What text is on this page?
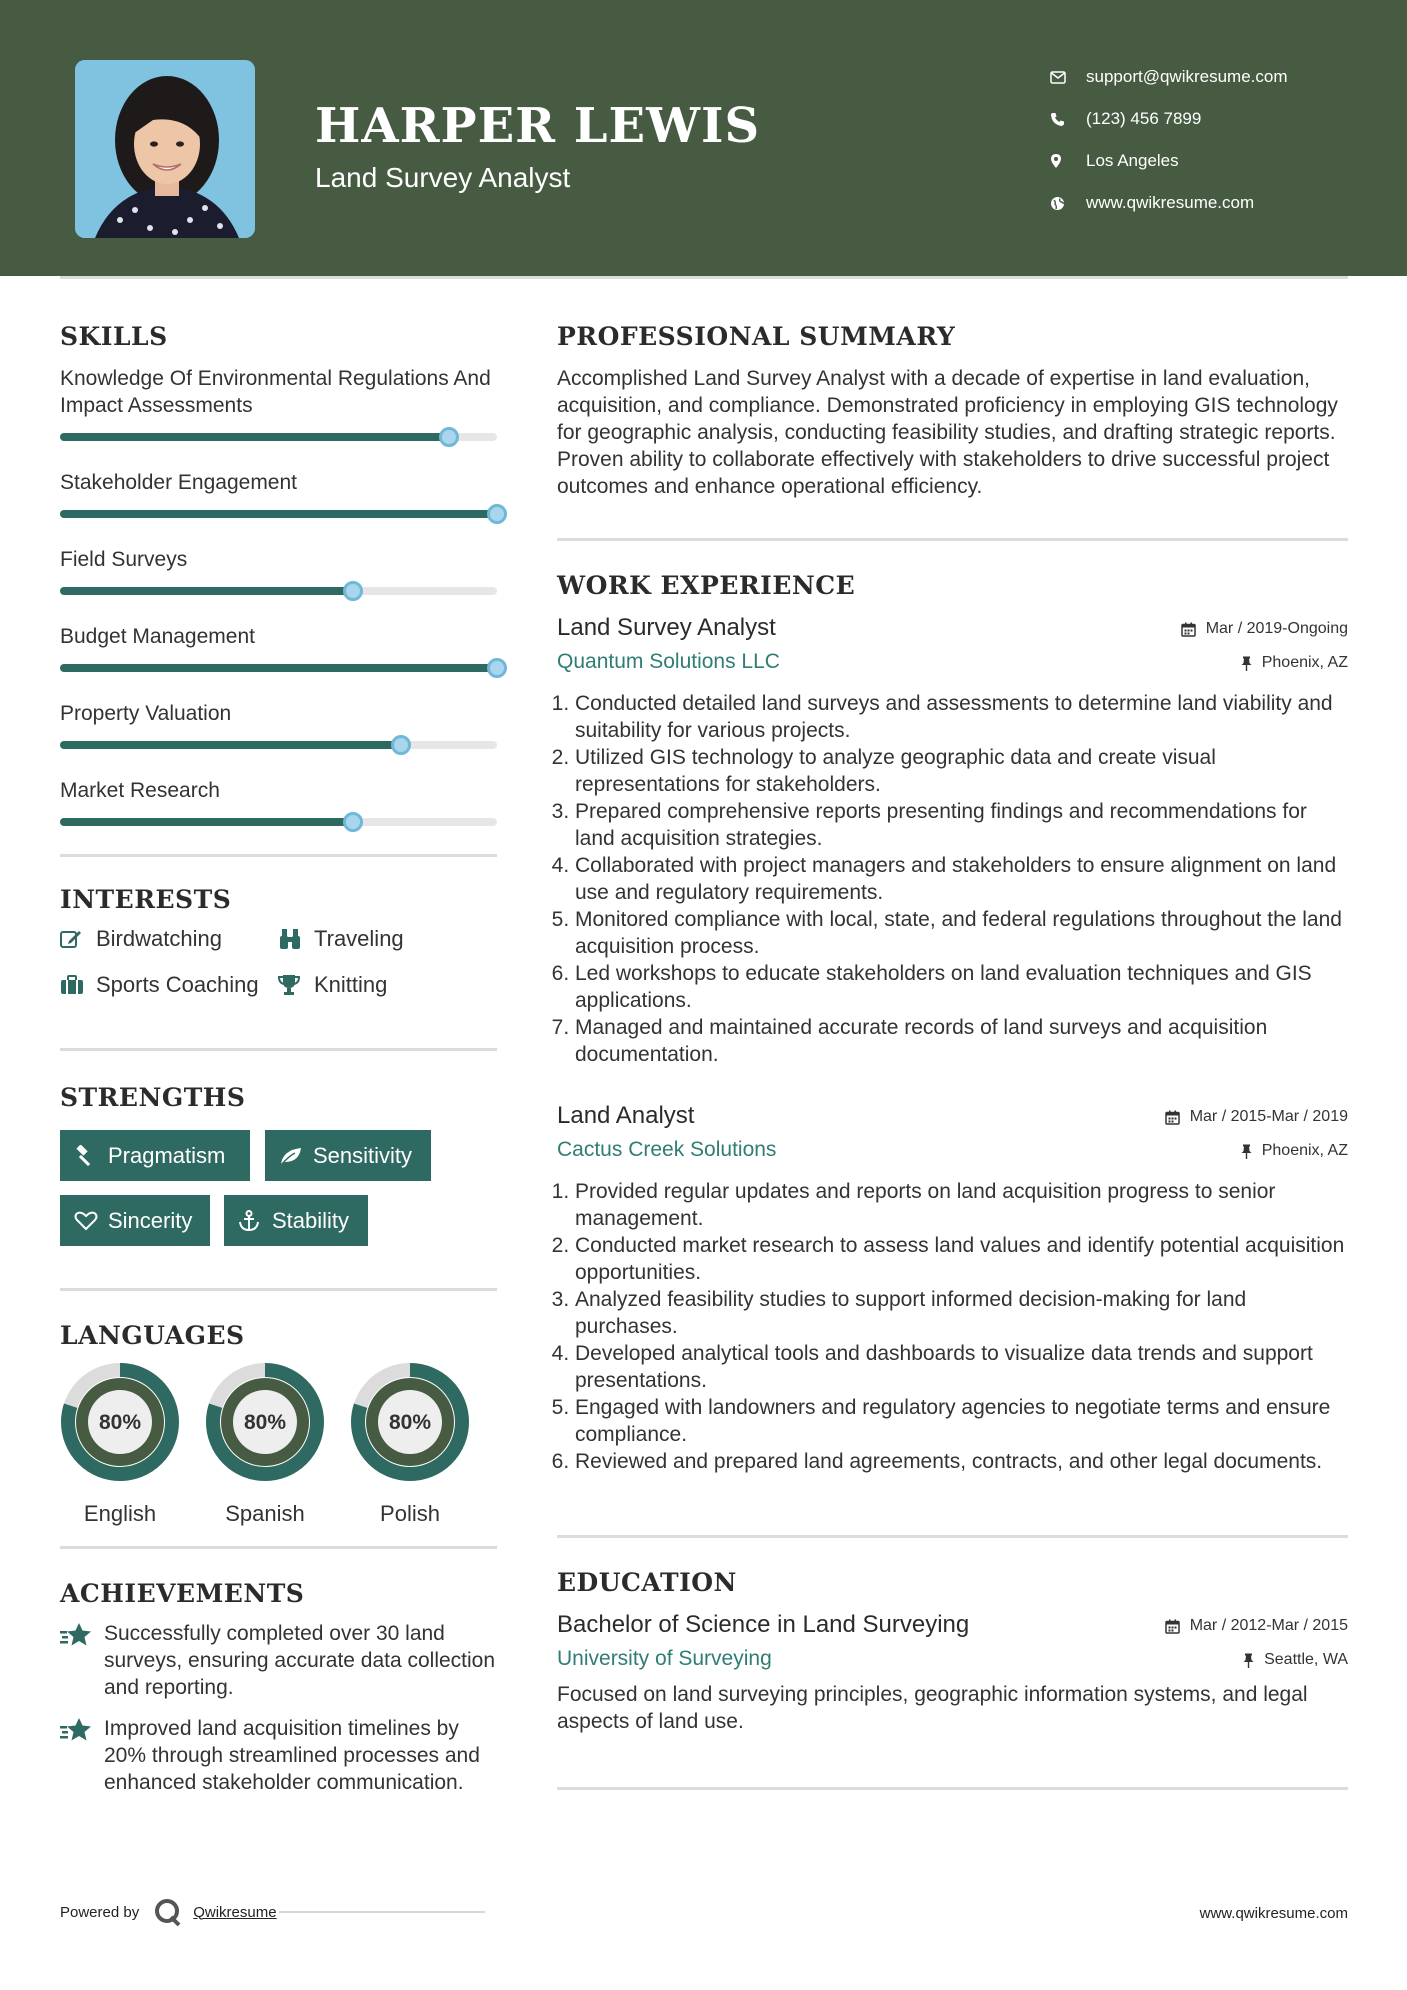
HARPER LEWIS
Land Survey Analyst
support@qwikresume.com
(123) 456 7899
Los Angeles
www.qwikresume.com
SKILLS
Knowledge Of Environmental Regulations And Impact Assessments
Stakeholder Engagement
Field Surveys
Budget Management
Property Valuation
Market Research
INTERESTS
Birdwatching	Traveling
Sports Coaching	Knitting
STRENGTHS
Pragmatism	Sensitivity
Sincerity	Stability
LANGUAGES
80%
English
80%
Spanish
80%
Polish
ACHIEVEMENTS
Successfully completed over 30 land surveys, ensuring accurate data collection and reporting.
Improved land acquisition timelines by 20% through streamlined processes and enhanced stakeholder communication.
PROFESSIONAL SUMMARY
Accomplished Land Survey Analyst with a decade of expertise in land evaluation, acquisition, and compliance. Demonstrated proficiency in employing GIS technology for geographic analysis, conducting feasibility studies, and drafting strategic reports. Proven ability to collaborate effectively with stakeholders to drive successful project outcomes and enhance operational efficiency.
WORK EXPERIENCE
Land Survey Analyst	Mar / 2019-Ongoing
Quantum Solutions LLC	Phoenix, AZ
1. Conducted detailed land surveys and assessments to determine land viability and suitability for various projects.
2. Utilized GIS technology to analyze geographic data and create visual representations for stakeholders.
3. Prepared comprehensive reports presenting findings and recommendations for land acquisition strategies.
4. Collaborated with project managers and stakeholders to ensure alignment on land use and regulatory requirements.
5. Monitored compliance with local, state, and federal regulations throughout the land acquisition process.
6. Led workshops to educate stakeholders on land evaluation techniques and GIS applications.
7. Managed and maintained accurate records of land surveys and acquisition documentation.
Land Analyst	Mar / 2015-Mar / 2019
Cactus Creek Solutions	Phoenix, AZ
1. Provided regular updates and reports on land acquisition progress to senior management.
2. Conducted market research to assess land values and identify potential acquisition opportunities.
3. Analyzed feasibility studies to support informed decision-making for land purchases.
4. Developed analytical tools and dashboards to visualize data trends and support presentations.
5. Engaged with landowners and regulatory agencies to negotiate terms and ensure compliance.
6. Reviewed and prepared land agreements, contracts, and other legal documents.
EDUCATION
Bachelor of Science in Land Surveying	Mar / 2012-Mar / 2015
University of Surveying	Seattle, WA
Focused on land surveying principles, geographic information systems, and legal aspects of land use.
Powered by	Qwikresume	www.qwikresume.com
